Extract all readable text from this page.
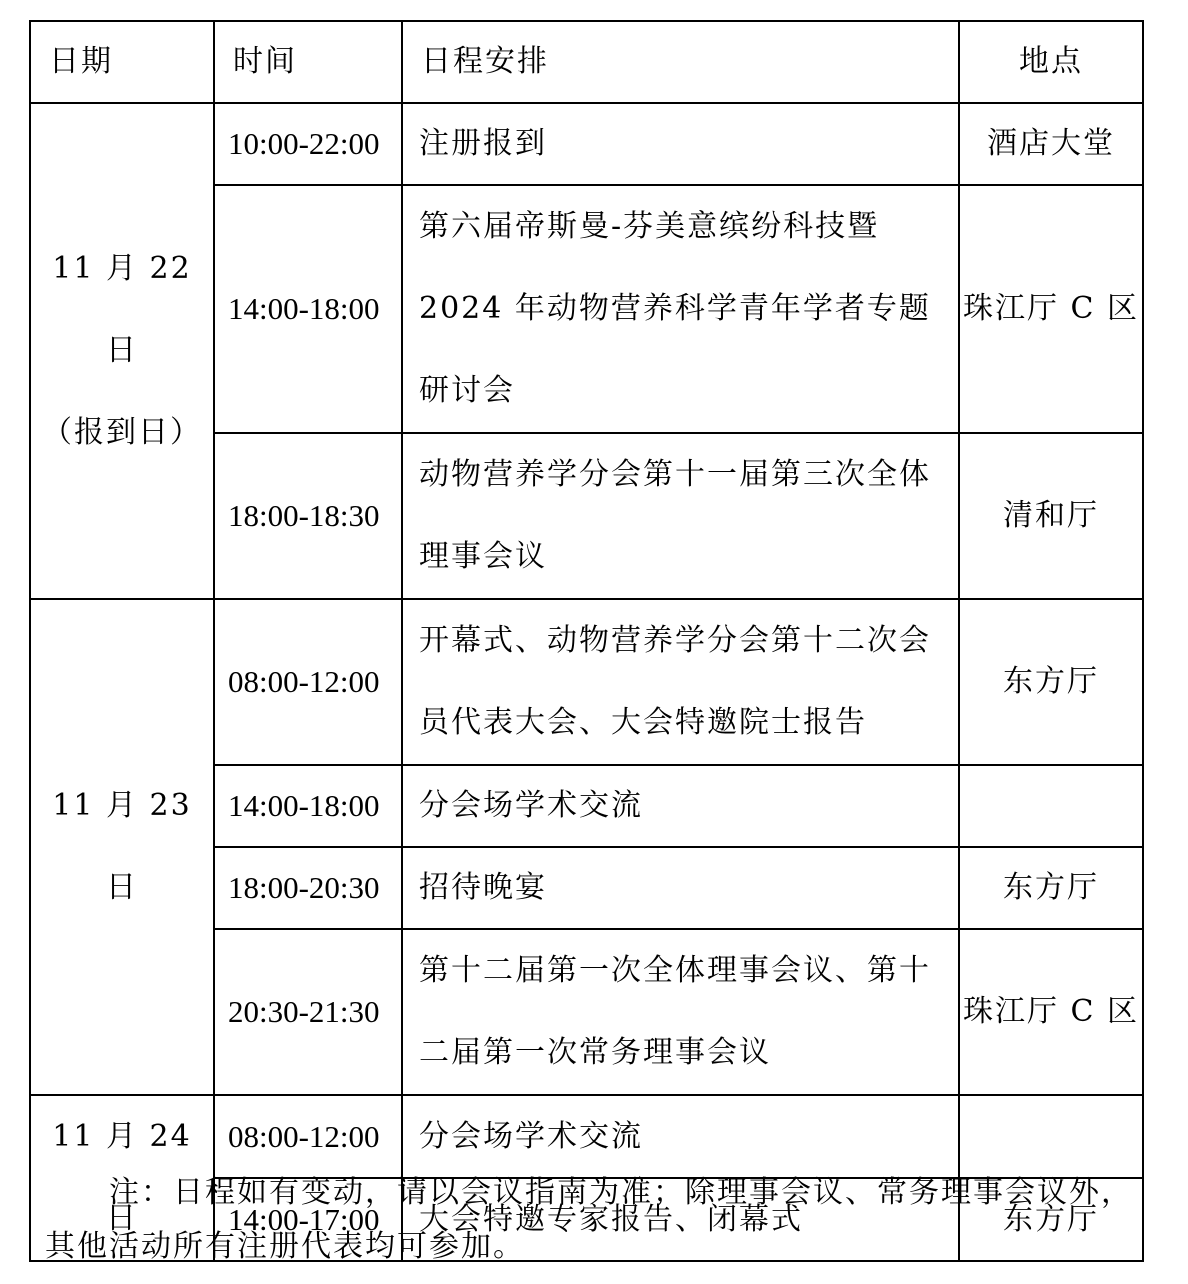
日期	时间	日程安排	地点

11 月 22 日
（报到日）	10:00-22:00	注册报到	酒店大堂
	14:00-18:00	第六届帝斯曼-芬美意缤纷科技暨 2024 年动物营养科学青年学者专题研讨会	珠江厅 C 区
	18:00-18:30	动物营养学分会第十一届第三次全体理事会议	清和厅

11 月 23 日	08:00-12:00	开幕式、动物营养学分会第十二次会员代表大会、大会特邀院士报告	东方厅
	14:00-18:00	分会场学术交流	
	18:00-20:30	招待晚宴	东方厅
	20:30-21:30	第十二届第一次全体理事会议、第十二届第一次常务理事会议	珠江厅 C 区

11 月 24 日	08:00-12:00	分会场学术交流	
	14:00-17:00	大会特邀专家报告、闭幕式	东方厅

注：日程如有变动，请以会议指南为准；除理事会议、常务理事会议外，其他活动所有注册代表均可参加。
